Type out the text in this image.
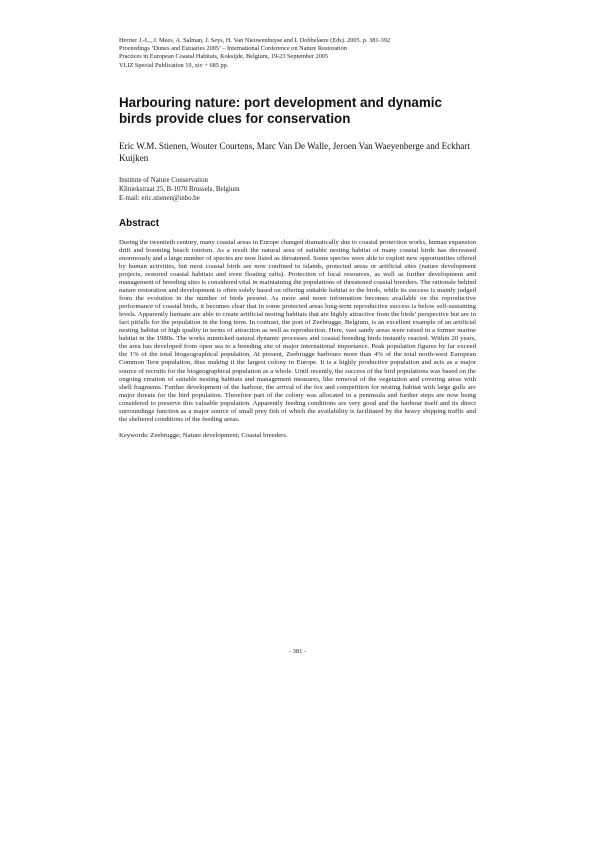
Herrier J.-L., J. Mees, A. Salman, J. Seys, H. Van Nieuwenhuyse and I. Dobbelaere (Eds). 2005. p. 381-392
Proceedings ‘Dunes and Estuaries 2005’ – International Conference on Nature Restoration
Practices in European Coastal Habitats, Koksijde, Belgium, 19-23 September 2005
VLIZ Special Publication 19, xiv + 685 pp.
Harbouring nature: port development and dynamic birds provide clues for conservation
Eric W.M. Stienen, Wouter Courtens, Marc Van De Walle, Jeroen Van Waeyenberge and Eckhart Kuijken
Institute of Nature Conservation
Kliniekstraat 25, B-1070 Brussels, Belgium
E-mail: eric.stienen@inbo.be
Abstract
During the twentieth century, many coastal areas in Europe changed dramatically due to coastal protection works, human expansion drift and booming beach tourism. As a result the natural area of suitable nesting habitat of many coastal birds has decreased enormously and a large number of species are now listed as threatened. Some species were able to exploit new opportunities offered by human activities, but most coastal birds are now confined to islands, protected areas or artificial sites (nature development projects, restored coastal habitats and even floating rafts). Protection of local resources, as well as further development and management of breeding sites is considered vital in maintaining the populations of threatened coastal breeders. The rationale behind nature restoration and development is often solely based on offering suitable habitat to the birds, while its success is mainly judged from the evolution in the number of birds present. As more and more information becomes available on the reproductive performance of coastal birds, it becomes clear that in some protected areas long-term reproductive success is below self-sustaining levels. Apparently humans are able to create artificial nesting habitats that are highly attractive from the birds’ perspective but are in fact pitfalls for the population in the long term. In contrast, the port of Zeebrugge, Belgium, is an excellent example of an artificial nesting habitat of high quality in terms of attraction as well as reproduction. Here, vast sandy areas were raised in a former marine habitat in the 1980s. The works mimicked natural dynamic processes and coastal breeding birds instantly reacted. Within 20 years, the area has developed from open sea to a breeding site of major international importance. Peak population figures by far exceed the 1% of the total biogeographical population. At present, Zeebrugge harbours more than 4% of the total north-west European Common Tern population, thus making it the largest colony in Europe. It is a highly productive population and acts as a major source of recruits for the biogeographical population as a whole. Until recently, the success of the bird populations was based on the ongoing creation of suitable nesting habitats and management measures, like removal of the vegetation and covering areas with shell fragments. Further development of the harbour, the arrival of the fox and competition for nesting habitat with large gulls are major threats for the bird population. Therefore part of the colony was allocated to a peninsula and further steps are now being considered to preserve this valuable population. Apparently feeding conditions are very good and the harbour itself and its direct surroundings function as a major source of small prey fish of which the availability is facilitated by the heavy shipping traffic and the sheltered conditions of the feeding areas.
Keywords: Zeebrugge; Nature development; Coastal breeders.
- 381 -
